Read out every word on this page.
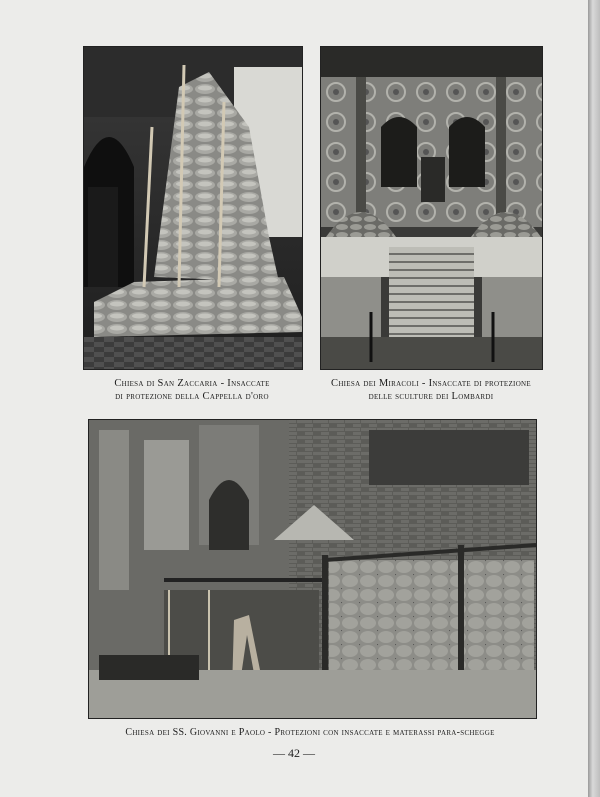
Chiesa di San Zaccaria - Insaccate
di protezione della Cappella d'oro
Chiesa dei Miracoli - Insaccate di protezione
delle sculture dei Lombardi
Chiesa dei SS. Giovanni e Paolo - Protezioni con insaccate e materassi para-schegge
— 42 —
